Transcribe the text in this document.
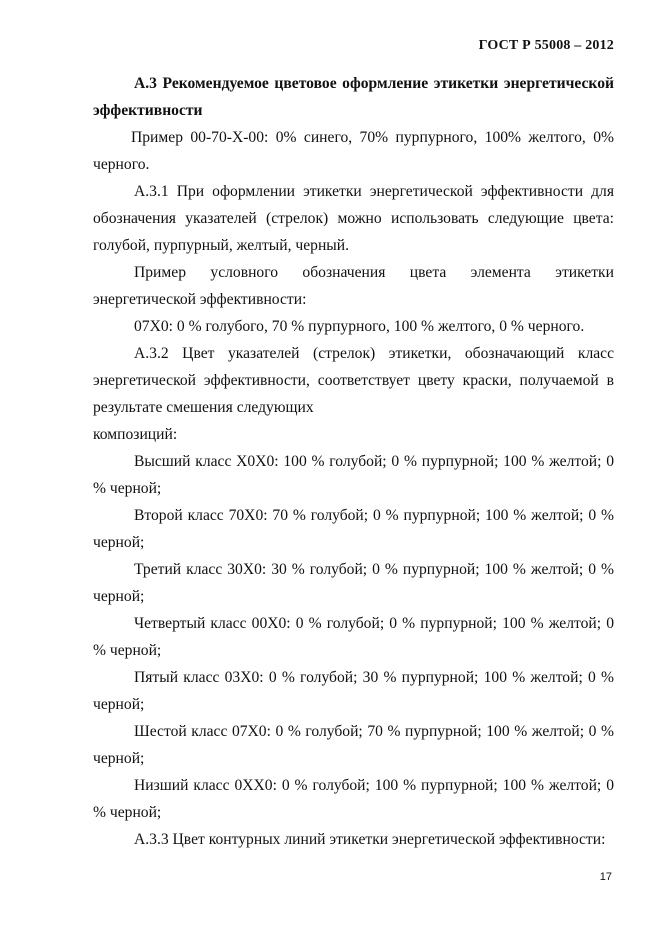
ГОСТ Р 55008 – 2012

А.3 Рекомендуемое цветовое оформление этикетки энергетической эффективности

Пример 00-70-Х-00: 0% синего, 70% пурпурного, 100% желтого, 0% черного.

А.3.1 При оформлении этикетки энергетической эффективности для обозначения указателей (стрелок) можно использовать следующие цвета: голубой, пурпурный, желтый, черный.

Пример условного обозначения цвета элемента этикетки

энергетической эффективности:

07Х0: 0 % голубого, 70 % пурпурного, 100 % желтого, 0 % черного.

А.3.2 Цвет указателей (стрелок) этикетки, обозначающий класс энергетической эффективности, соответствует цвету краски, получаемой в результате смешения следующих

композиций:

Высший класс Х0Х0: 100 % голубой; 0 % пурпурной; 100 % желтой; 0 % черной;

Второй класс 70Х0: 70 % голубой; 0 % пурпурной; 100 % желтой; 0 % черной;

Третий класс 30Х0: 30 % голубой; 0 % пурпурной; 100 % желтой; 0 % черной;

Четвертый класс 00Х0: 0 % голубой; 0 % пурпурной; 100 % желтой; 0 % черной;

Пятый класс 03Х0: 0 % голубой; 30 % пурпурной; 100 % желтой; 0 % черной;

Шестой класс 07Х0: 0 % голубой; 70 % пурпурной; 100 % желтой; 0 % черной;

Низший класс 0ХХ0: 0 % голубой; 100 % пурпурной; 100 % желтой; 0 % черной;

А.3.3 Цвет контурных линий этикетки энергетической эффективности:

17
